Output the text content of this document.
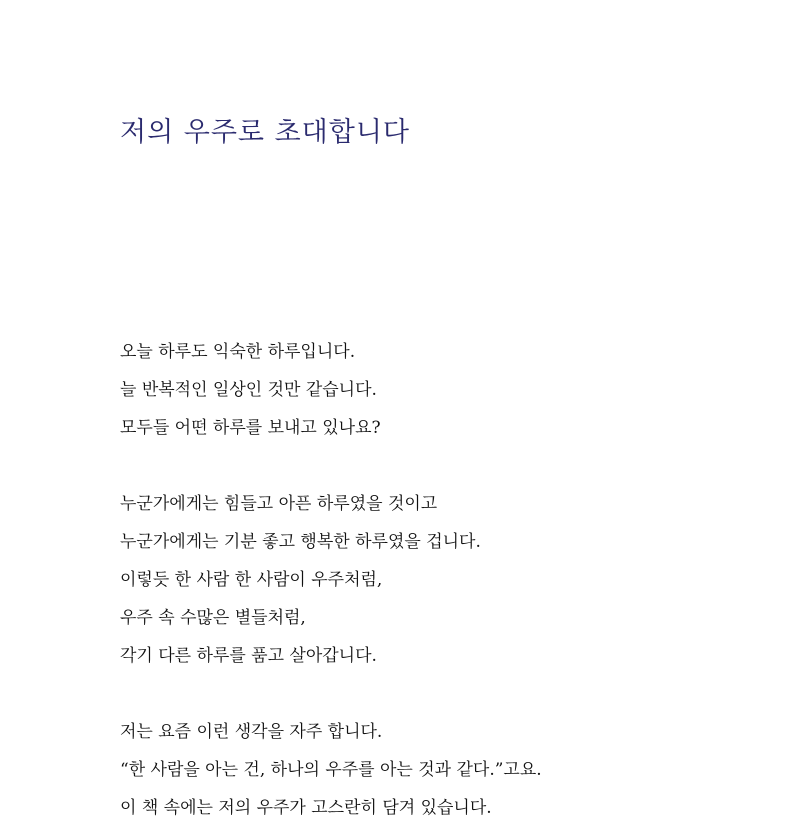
저의 우주로 초대합니다

오늘 하루도 익숙한 하루입니다.
늘 반복적인 일상인 것만 같습니다.
모두들 어떤 하루를 보내고 있나요?

누군가에게는 힘들고 아픈 하루였을 것이고
누군가에게는 기분 좋고 행복한 하루였을 겁니다.
이렇듯 한 사람 한 사람이 우주처럼,
우주 속 수많은 별들처럼,
각기 다른 하루를 품고 살아갑니다.

저는 요즘 이런 생각을 자주 합니다.
“한 사람을 아는 건, 하나의 우주를 아는 것과 같다.”고요.
이 책 속에는 저의 우주가 고스란히 담겨 있습니다.
